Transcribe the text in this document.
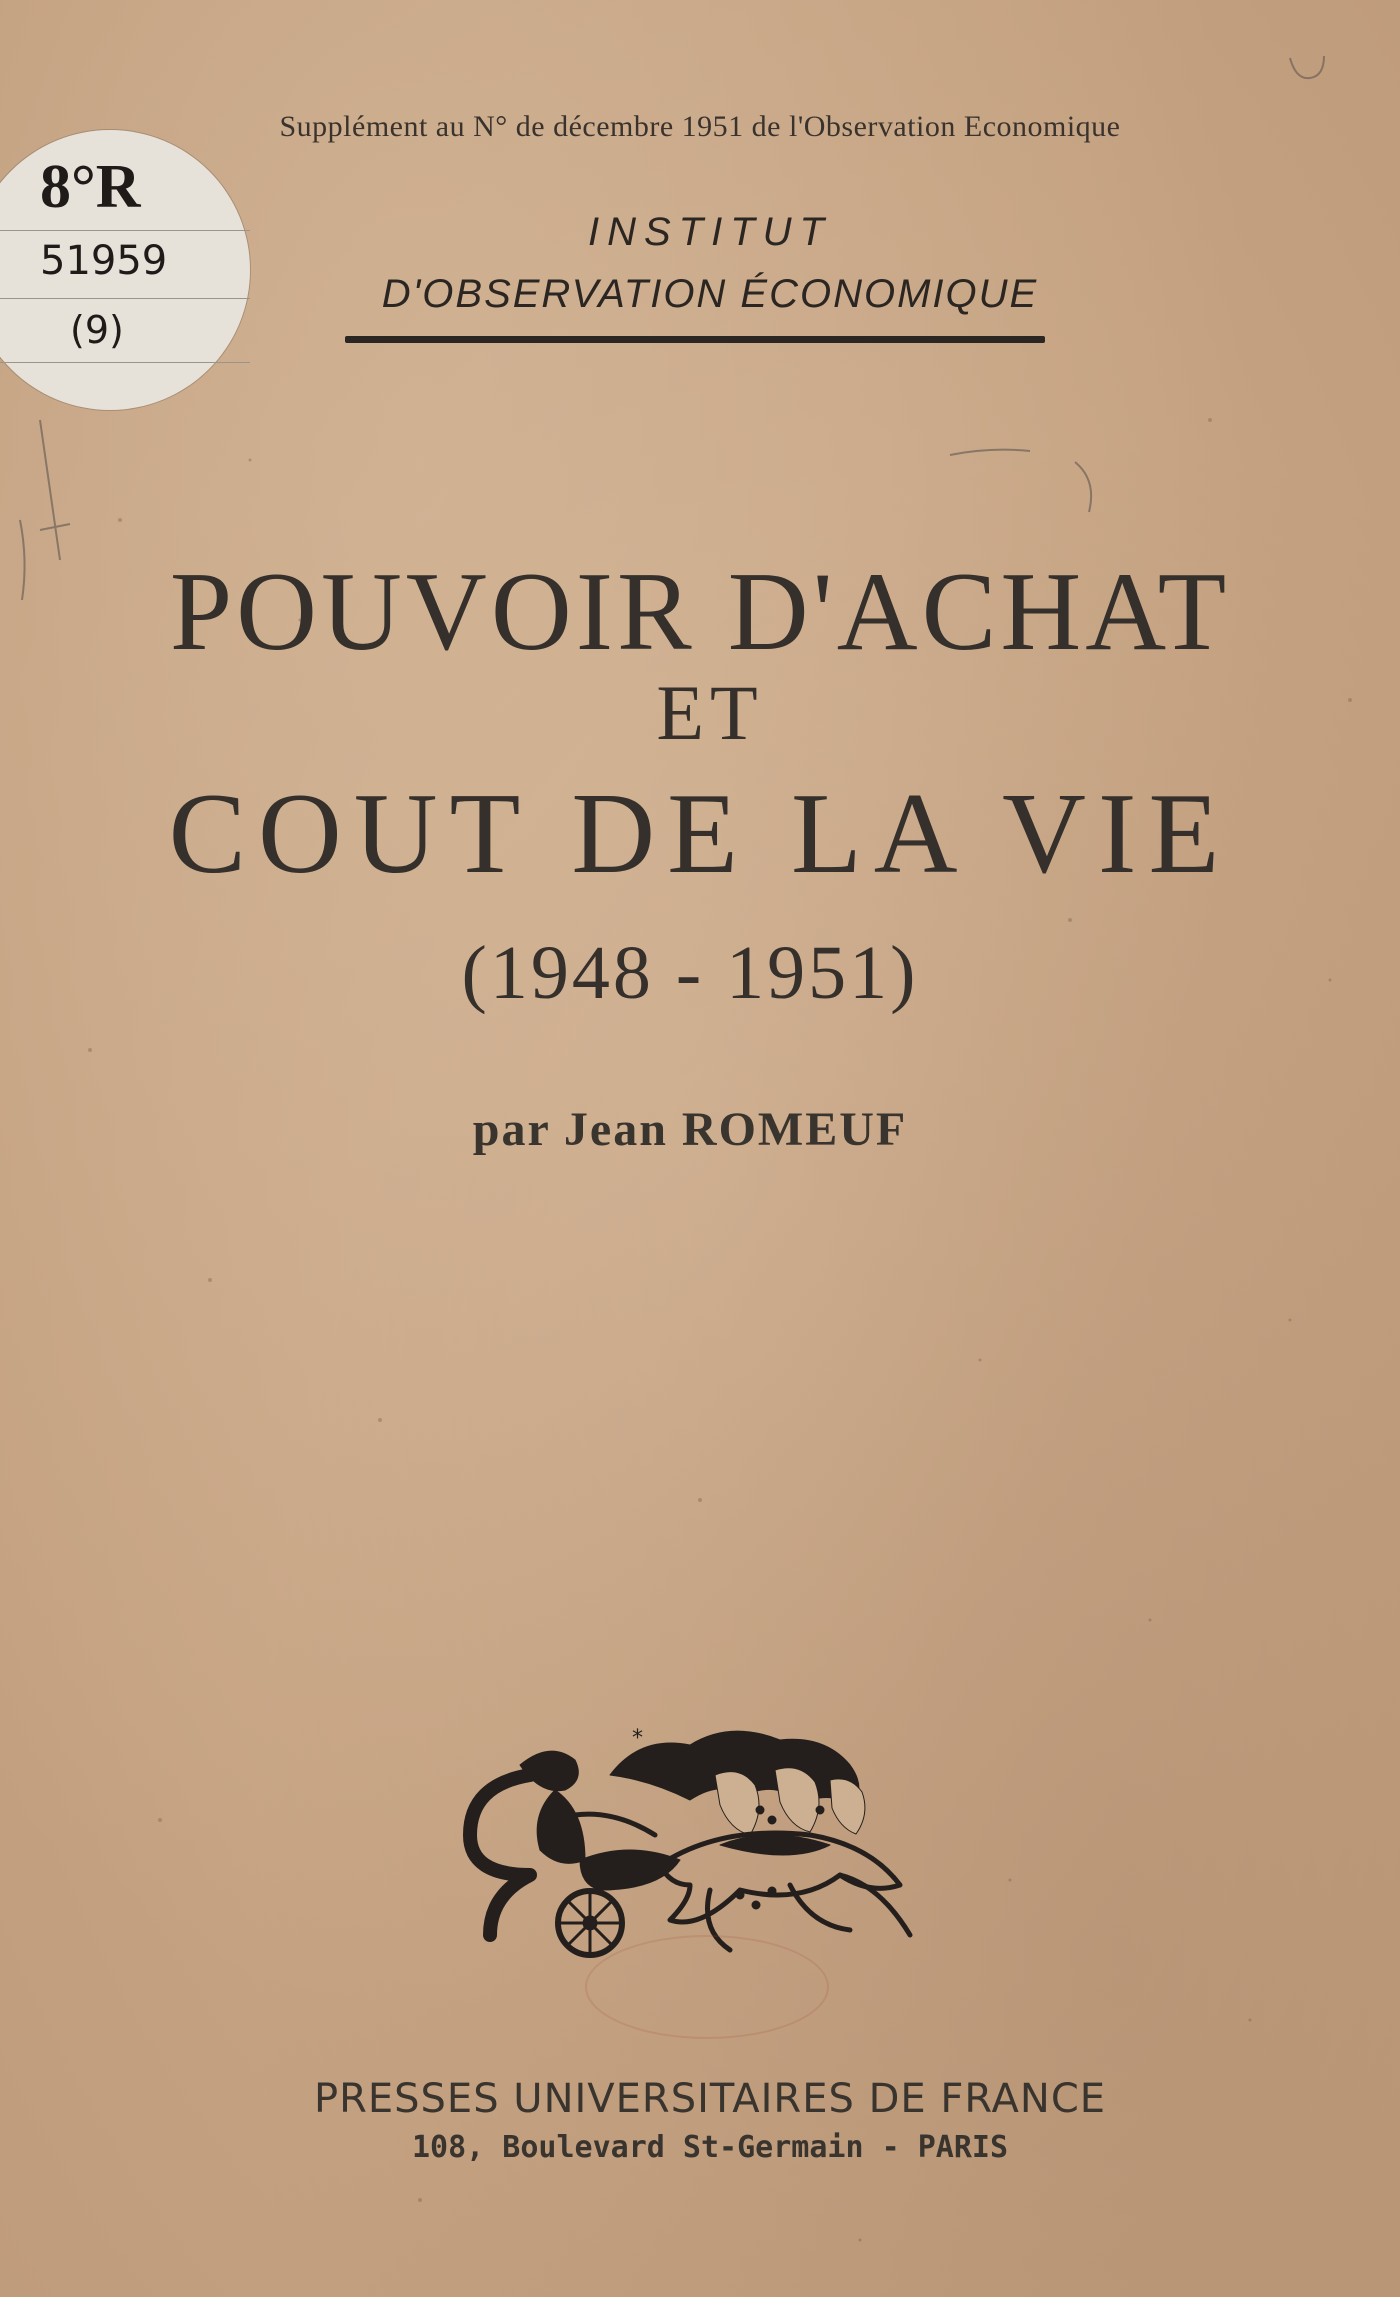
8°R
51959
(9)
Supplément au N° de décembre 1951 de l'Observation Economique
INSTITUT
D'OBSERVATION ÉCONOMIQUE
POUVOIR D'ACHAT
ET
COUT DE LA VIE
(1948 - 1951)
par Jean ROMEUF
*
PRESSES UNIVERSITAIRES DE FRANCE
108, Boulevard St-Germain - PARIS
